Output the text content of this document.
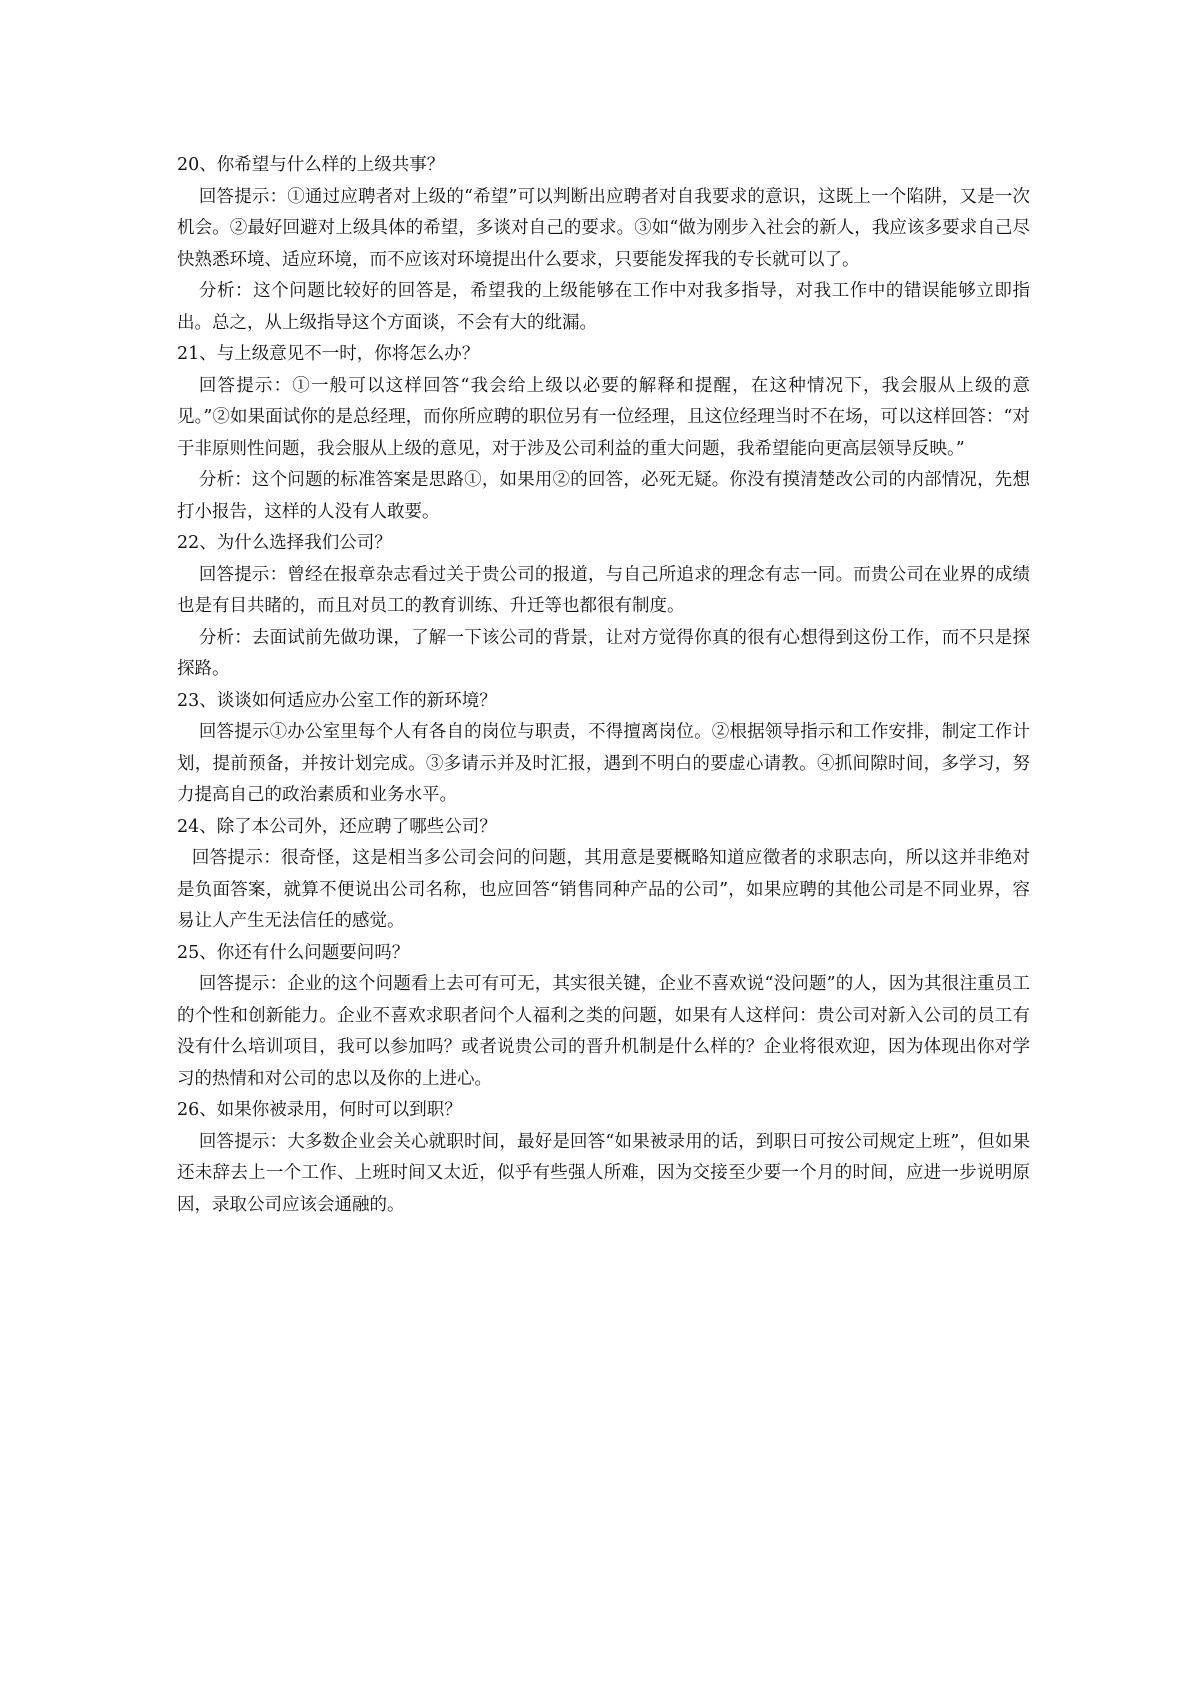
20、你希望与什么样的上级共事？

回答提示：①通过应聘者对上级的“希望”可以判断出应聘者对自我要求的意识，这既上一个陷阱，又是一次机会。②最好回避对上级具体的希望，多谈对自己的要求。③如“做为刚步入社会的新人，我应该多要求自己尽快熟悉环境、适应环境，而不应该对环境提出什么要求，只要能发挥我的专长就可以了。

分析：这个问题比较好的回答是，希望我的上级能够在工作中对我多指导，对我工作中的错误能够立即指出。总之，从上级指导这个方面谈，不会有大的纰漏。

21、与上级意见不一时，你将怎么办？

回答提示：①一般可以这样回答“我会给上级以必要的解释和提醒，在这种情况下，我会服从上级的意见。”②如果面试你的是总经理，而你所应聘的职位另有一位经理，且这位经理当时不在场，可以这样回答：“对于非原则性问题，我会服从上级的意见，对于涉及公司利益的重大问题，我希望能向更高层领导反映。”

分析：这个问题的标准答案是思路①，如果用②的回答，必死无疑。你没有摸清楚改公司的内部情况，先想打小报告，这样的人没有人敢要。

22、为什么选择我们公司？

回答提示：曾经在报章杂志看过关于贵公司的报道，与自己所追求的理念有志一同。而贵公司在业界的成绩也是有目共睹的，而且对员工的教育训练、升迁等也都很有制度。

分析：去面试前先做功课，了解一下该公司的背景，让对方觉得你真的很有心想得到这份工作，而不只是探探路。

23、谈谈如何适应办公室工作的新环境？

回答提示①办公室里每个人有各自的岗位与职责，不得擅离岗位。②根据领导指示和工作安排，制定工作计划，提前预备，并按计划完成。③多请示并及时汇报，遇到不明白的要虚心请教。④抓间隙时间，多学习，努力提高自己的政治素质和业务水平。

24、除了本公司外，还应聘了哪些公司？

回答提示：很奇怪，这是相当多公司会问的问题，其用意是要概略知道应徵者的求职志向，所以这并非绝对是负面答案，就算不便说出公司名称，也应回答“销售同种产品的公司”，如果应聘的其他公司是不同业界，容易让人产生无法信任的感觉。

25、你还有什么问题要问吗？

回答提示：企业的这个问题看上去可有可无，其实很关键，企业不喜欢说“没问题”的人，因为其很注重员工的个性和创新能力。企业不喜欢求职者问个人福利之类的问题，如果有人这样问：贵公司对新入公司的员工有没有什么培训项目，我可以参加吗？或者说贵公司的晋升机制是什么样的？企业将很欢迎，因为体现出你对学习的热情和对公司的忠以及你的上进心。

26、如果你被录用，何时可以到职？

回答提示：大多数企业会关心就职时间，最好是回答“如果被录用的话，到职日可按公司规定上班”，但如果还未辞去上一个工作、上班时间又太近，似乎有些强人所难，因为交接至少要一个月的时间，应进一步说明原因，录取公司应该会通融的。
